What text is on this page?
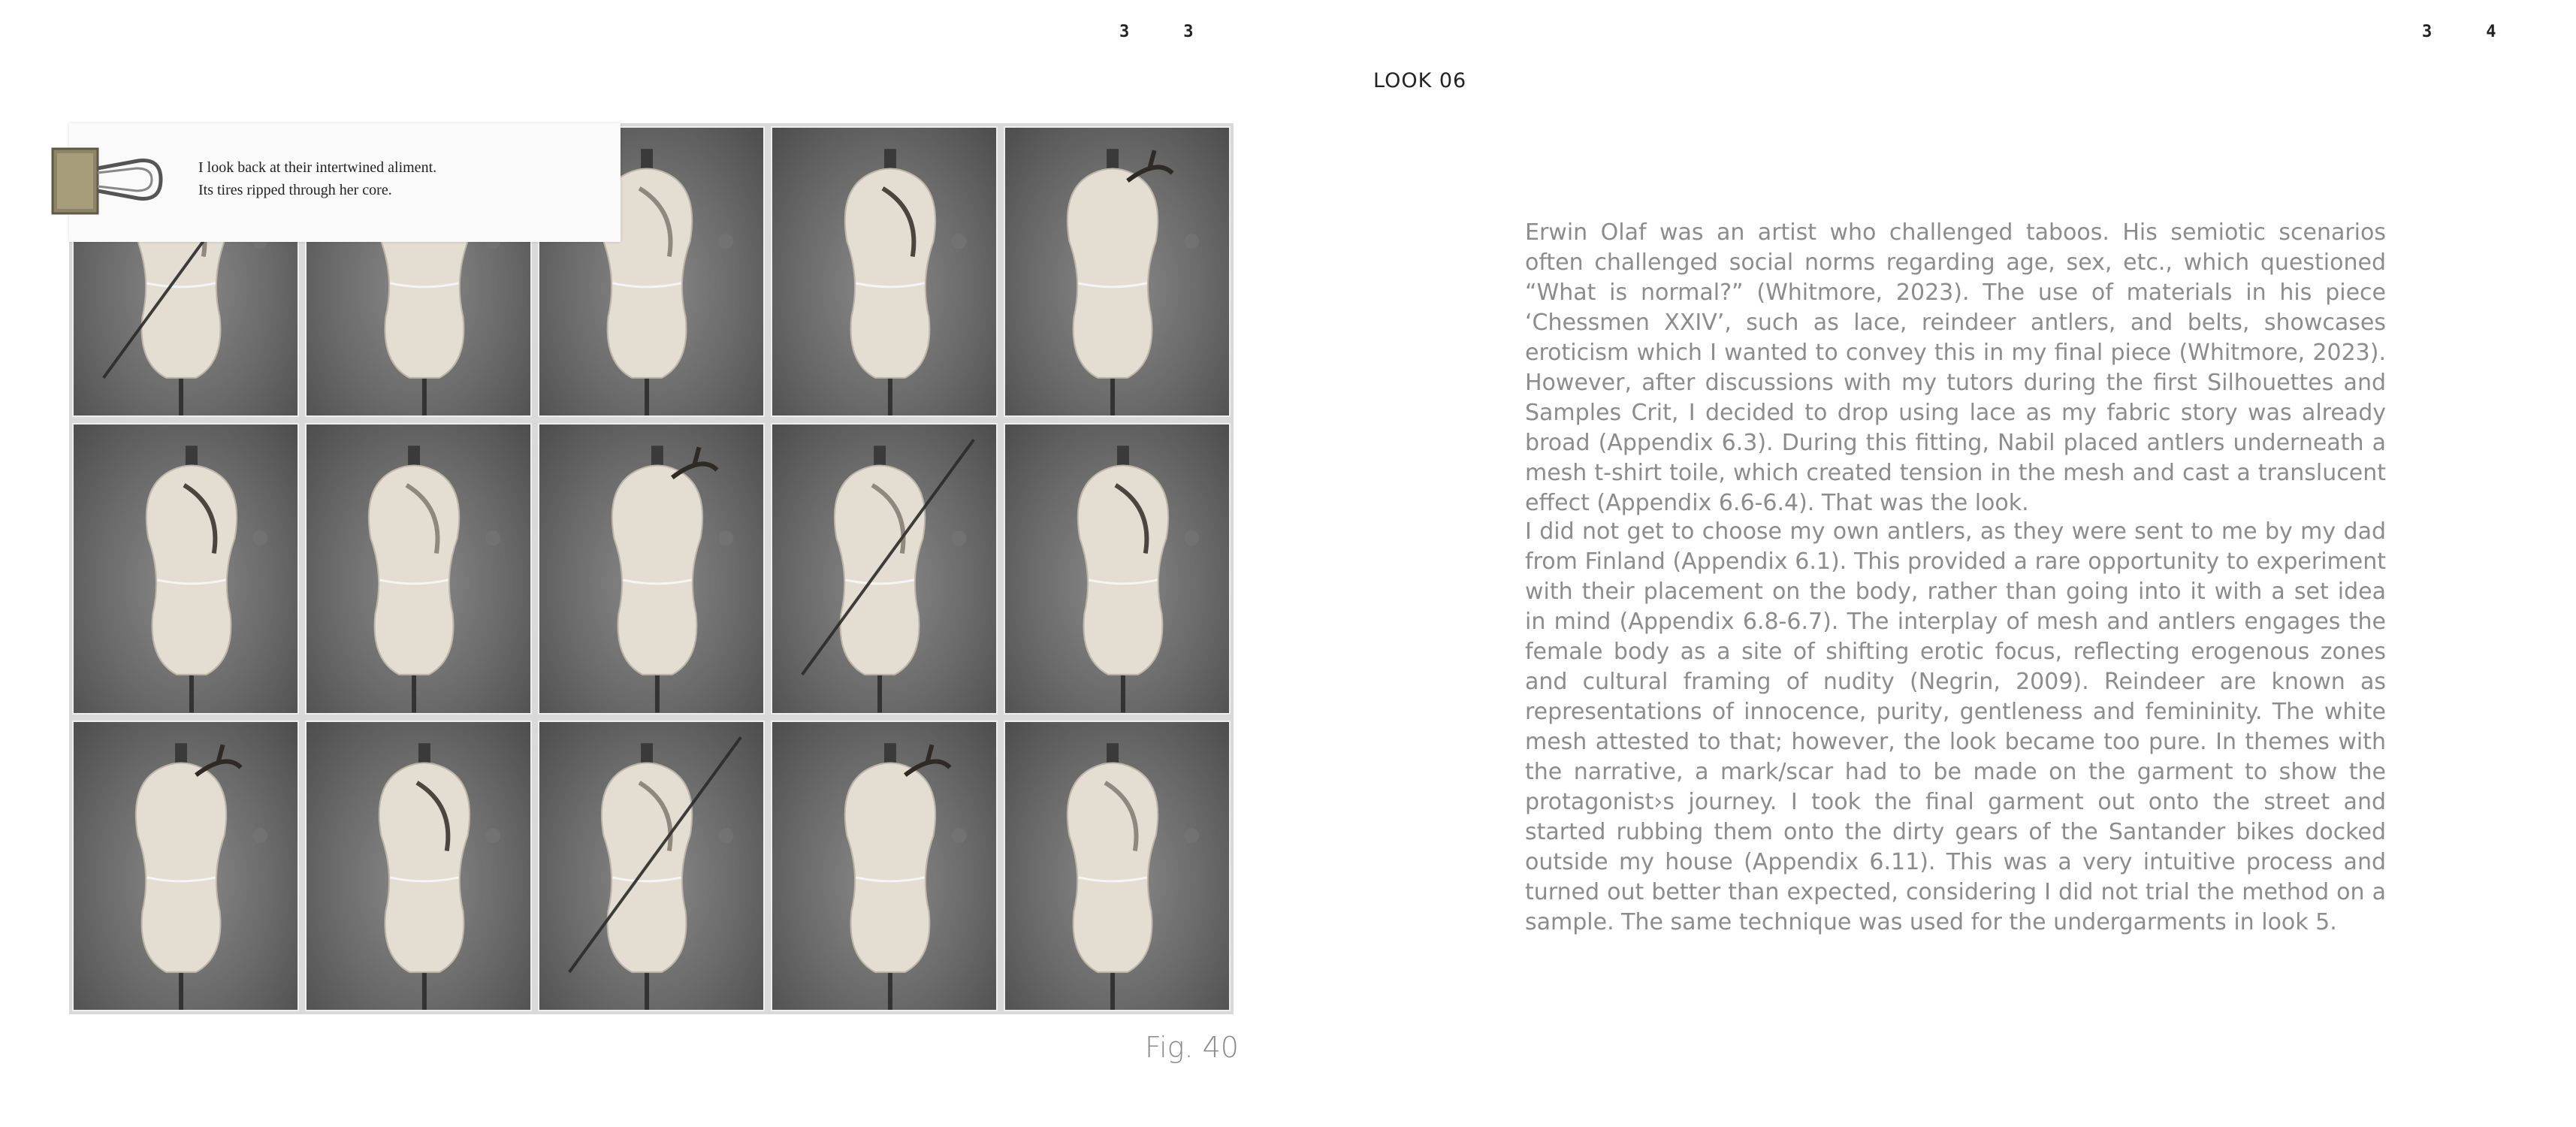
33	34
LOOK 06
I look back at their intertwined aliment.
Its tires ripped through her core.
Fig. 40

Erwin Olaf was an artist who challenged taboos. His semiotic scenarios often challenged social norms regarding age, sex, etc., which questioned “What is normal?” (Whitmore, 2023). The use of materials in his piece ‘Chessmen XXIV’, such as lace, reindeer antlers, and belts, showcases eroticism which I wanted to convey this in my final piece (Whitmore, 2023). However, after discussions with my tutors during the first Silhouettes and Samples Crit, I decided to drop using lace as my fabric story was already broad (Appendix 6.3). During this fitting, Nabil placed antlers underneath a mesh t-shirt toile, which created tension in the mesh and cast a translucent effect (Appendix 6.6-6.4). That was the look.

I did not get to choose my own antlers, as they were sent to me by my dad from Finland (Appendix 6.1). This provided a rare opportunity to experiment with their placement on the body, rather than going into it with a set idea in mind (Appendix 6.8-6.7). The interplay of mesh and antlers engages the female body as a site of shifting erotic focus, reflecting erogenous zones and cultural framing of nudity (Negrin, 2009). Reindeer are known as representations of innocence, purity, gentleness and femininity. The white mesh attested to that; however, the look became too pure. In themes with the narrative, a mark/scar had to be made on the garment to show the protagonist›s journey. I took the final garment out onto the street and started rubbing them onto the dirty gears of the Santander bikes docked outside my house (Appendix 6.11). This was a very intuitive process and turned out better than expected, considering I did not trial the method on a sample. The same technique was used for the undergarments in look 5.
